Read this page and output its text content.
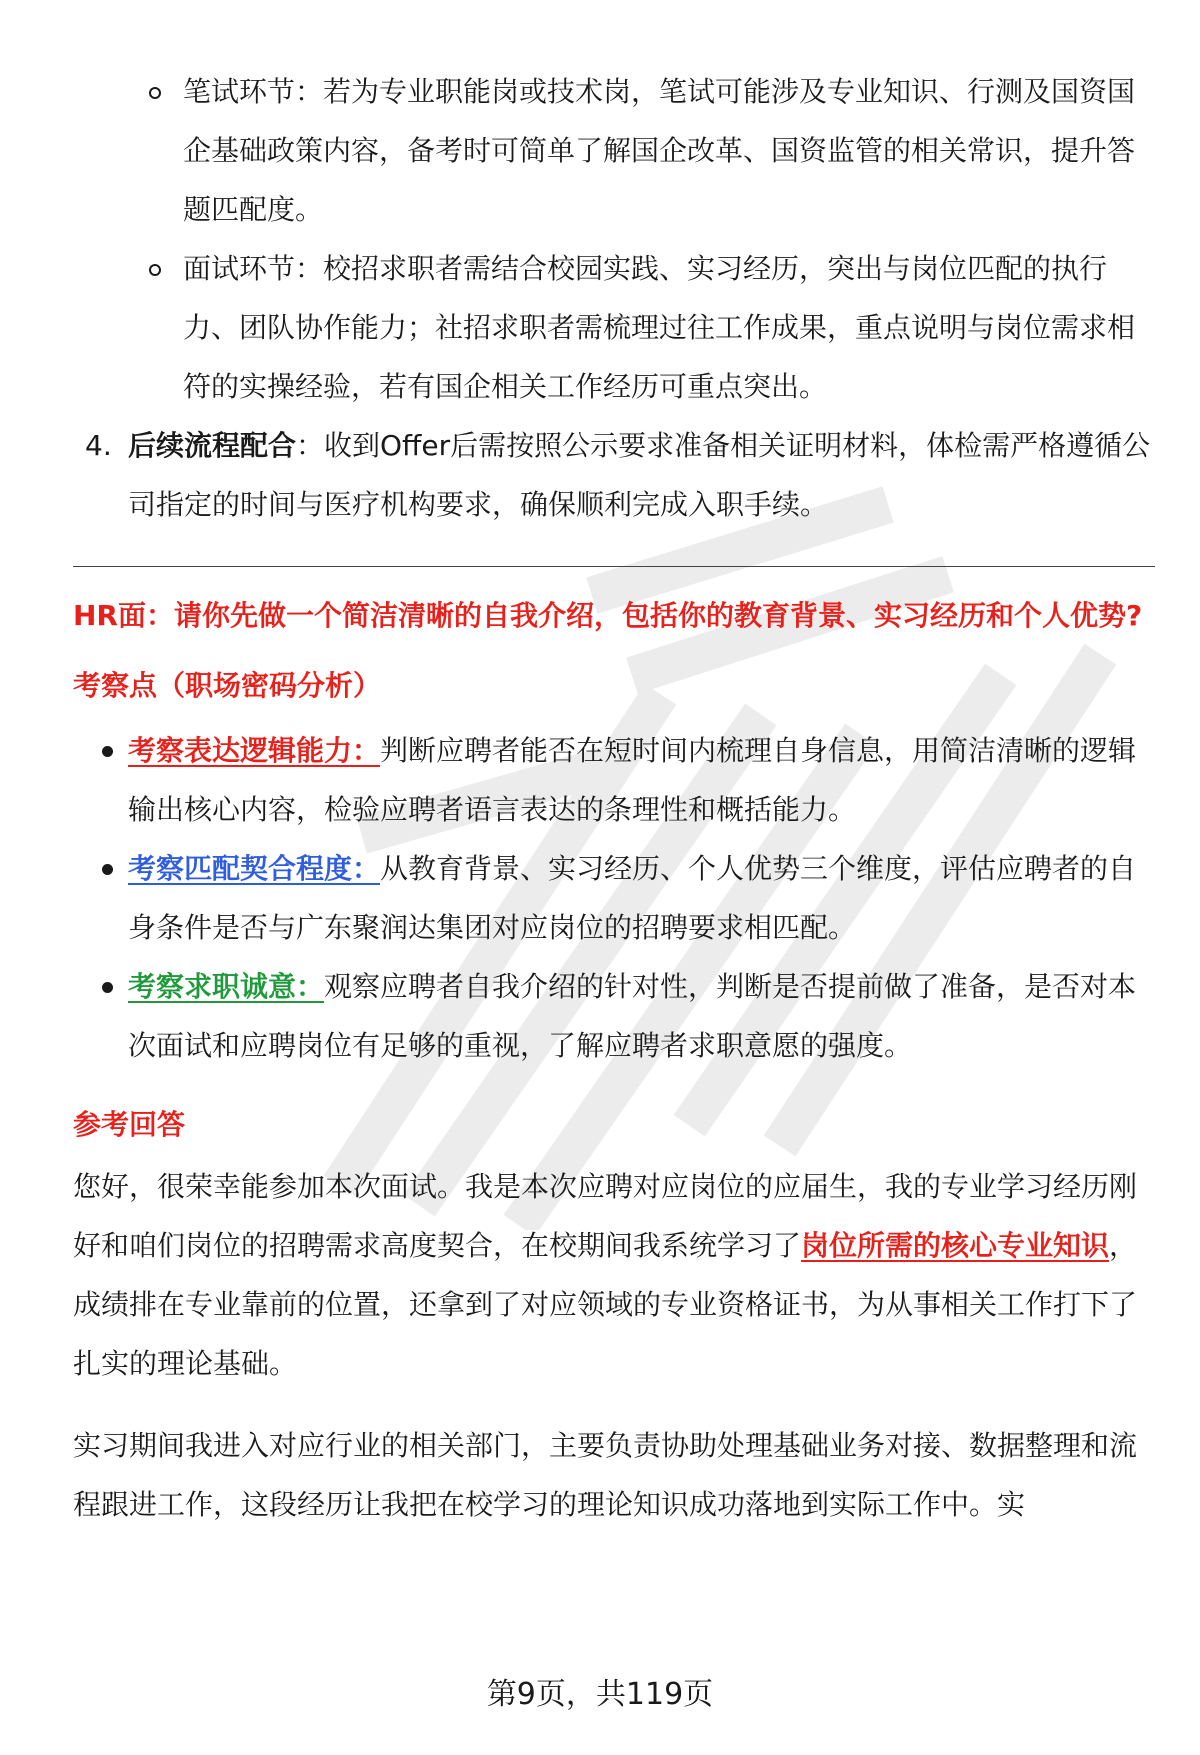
笔试环节：若为专业职能岗或技术岗，笔试可能涉及专业知识、行测及国资国企基础政策内容，备考时可简单了解国企改革、国资监管的相关常识，提升答题匹配度。
面试环节：校招求职者需结合校园实践、实习经历，突出与岗位匹配的执行力、团队协作能力；社招求职者需梳理过往工作成果，重点说明与岗位需求相符的实操经验，若有国企相关工作经历可重点突出。
4. 后续流程配合：收到Offer后需按照公示要求准备相关证明材料，体检需严格遵循公司指定的时间与医疗机构要求，确保顺利完成入职手续。
HR面：请你先做一个简洁清晰的自我介绍，包括你的教育背景、实习经历和个人优势?
考察点（职场密码分析）
考察表达逻辑能力：判断应聘者能否在短时间内梳理自身信息，用简洁清晰的逻辑输出核心内容，检验应聘者语言表达的条理性和概括能力。
考察匹配契合程度：从教育背景、实习经历、个人优势三个维度，评估应聘者的自身条件是否与广东聚润达集团对应岗位的招聘要求相匹配。
考察求职诚意：观察应聘者自我介绍的针对性，判断是否提前做了准备，是否对本次面试和应聘岗位有足够的重视，了解应聘者求职意愿的强度。
参考回答
您好，很荣幸能参加本次面试。我是本次应聘对应岗位的应届生，我的专业学习经历刚好和咱们岗位的招聘需求高度契合，在校期间我系统学习了岗位所需的核心专业知识，成绩排在专业靠前的位置，还拿到了对应领域的专业资格证书，为从事相关工作打下了扎实的理论基础。
实习期间我进入对应行业的相关部门，主要负责协助处理基础业务对接、数据整理和流程跟进工作，这段经历让我把在校学习的理论知识成功落地到实际工作中。实
第9页，共119页
